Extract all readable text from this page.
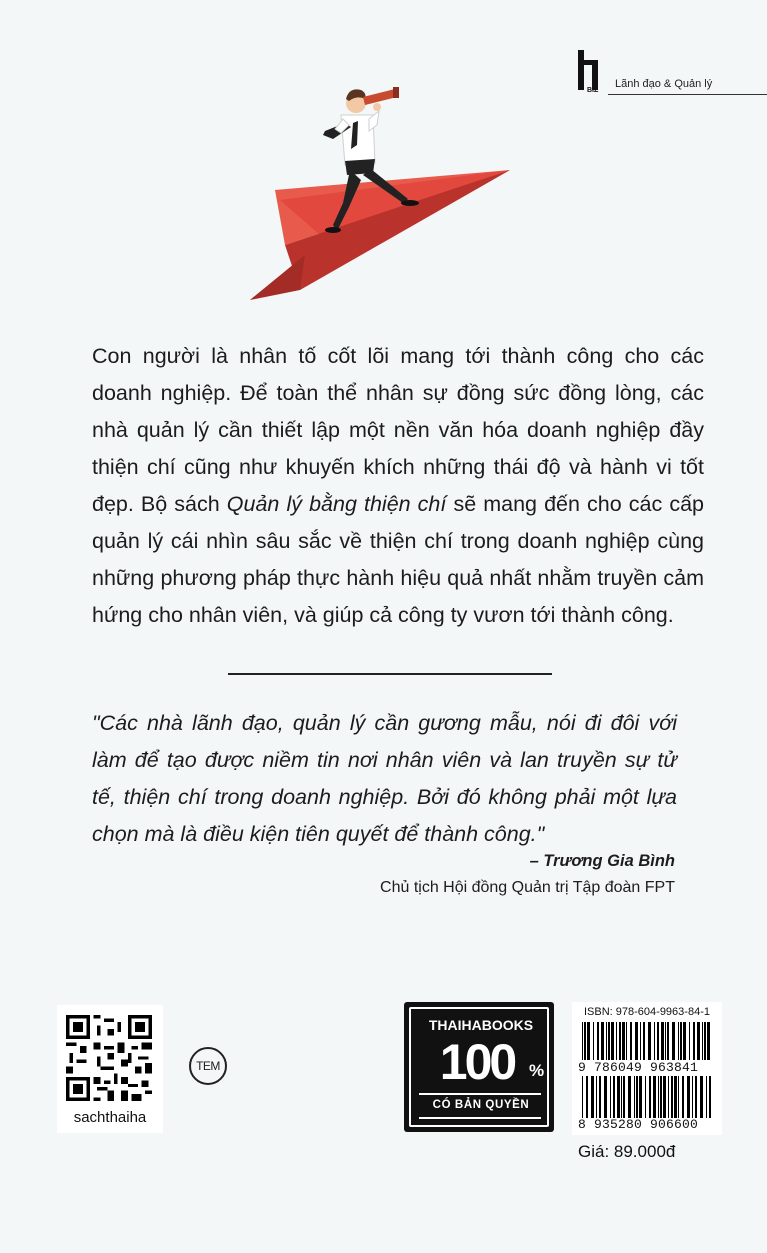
BIZ
Lãnh đạo & Quản lý
Con người là nhân tố cốt lõi mang tới thành công cho các doanh nghiệp. Để toàn thể nhân sự đồng sức đồng lòng, các nhà quản lý cần thiết lập một nền văn hóa doanh nghiệp đầy thiện chí cũng như khuyến khích những thái độ và hành vi tốt đẹp. Bộ sách Quản lý bằng thiện chí sẽ mang đến cho các cấp quản lý cái nhìn sâu sắc về thiện chí trong doanh nghiệp cùng những phương pháp thực hành hiệu quả nhất nhằm truyền cảm hứng cho nhân viên, và giúp cả công ty vươn tới thành công.
"Các nhà lãnh đạo, quản lý cần gương mẫu, nói đi đôi với làm để tạo được niềm tin nơi nhân viên và lan truyền sự tử tế, thiện chí trong doanh nghiệp. Bởi đó không phải một lựa chọn mà là điều kiện tiên quyết để thành công."
– Trương Gia Bình
Chủ tịch Hội đồng Quản trị Tập đoàn FPT
sachthaiha
TEM
THAIHABOOKS
100 %
CÓ BẢN QUYỀN
ISBN: 978-604-9963-84-1
9 786049 963841
8 935280 906600
Giá: 89.000đ
